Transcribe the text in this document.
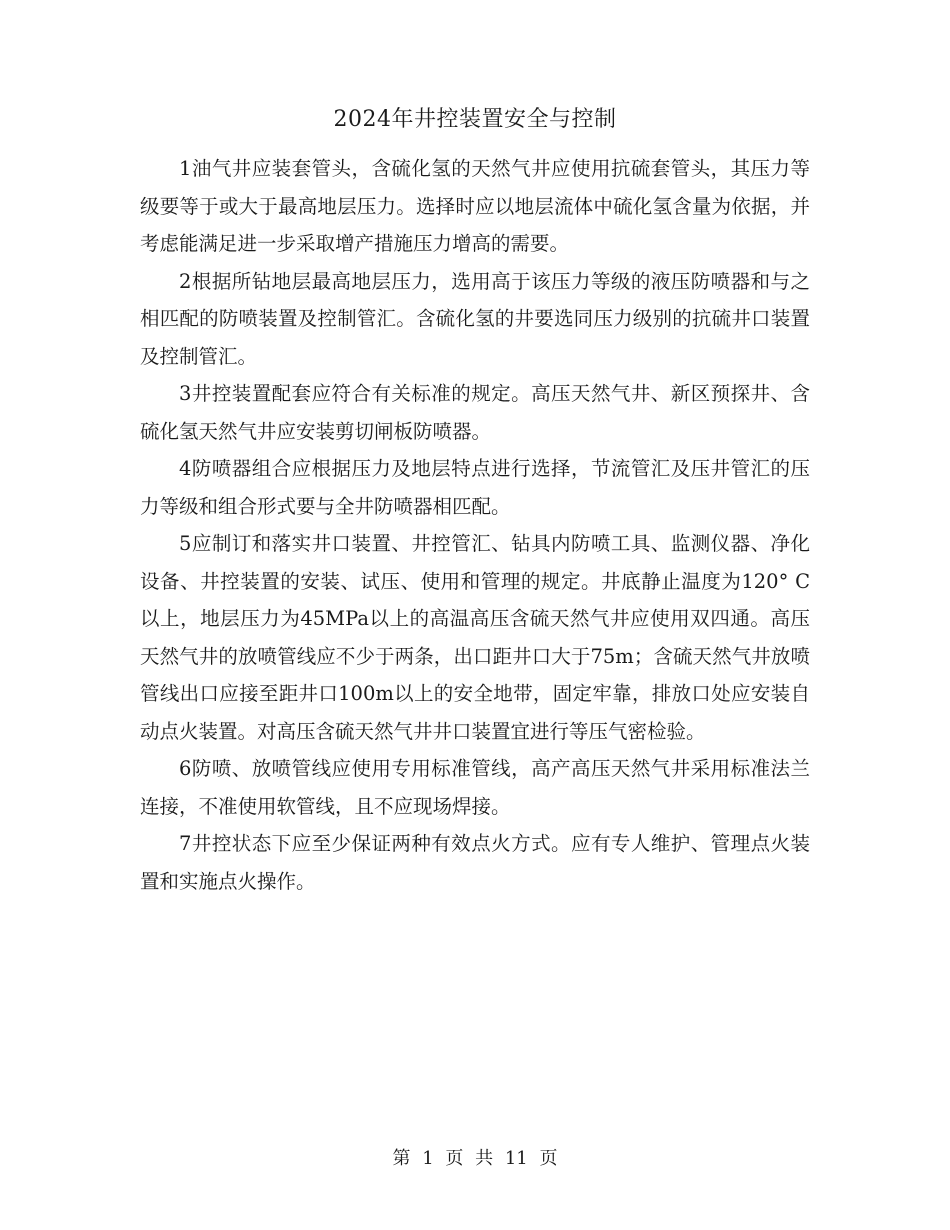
2024年井控装置安全与控制

1油气井应装套管头，含硫化氢的天然气井应使用抗硫套管头，其压力等级要等于或大于最高地层压力。选择时应以地层流体中硫化氢含量为依据，并考虑能满足进一步采取增产措施压力增高的需要。

2根据所钻地层最高地层压力，选用高于该压力等级的液压防喷器和与之相匹配的防喷装置及控制管汇。含硫化氢的井要选同压力级别的抗硫井口装置及控制管汇。

3井控装置配套应符合有关标准的规定。高压天然气井、新区预探井、含硫化氢天然气井应安装剪切闸板防喷器。

4防喷器组合应根据压力及地层特点进行选择，节流管汇及压井管汇的压力等级和组合形式要与全井防喷器相匹配。

5应制订和落实井口装置、井控管汇、钻具内防喷工具、监测仪器、净化设备、井控装置的安装、试压、使用和管理的规定。井底静止温度为120° C以上，地层压力为45MPa以上的高温高压含硫天然气井应使用双四通。高压天然气井的放喷管线应不少于两条，出口距井口大于75m；含硫天然气井放喷管线出口应接至距井口100m以上的安全地带，固定牢靠，排放口处应安装自动点火装置。对高压含硫天然气井井口装置宜进行等压气密检验。

6防喷、放喷管线应使用专用标准管线，高产高压天然气井采用标准法兰连接，不准使用软管线，且不应现场焊接。

7井控状态下应至少保证两种有效点火方式。应有专人维护、管理点火装置和实施点火操作。

第 1 页 共 11 页
